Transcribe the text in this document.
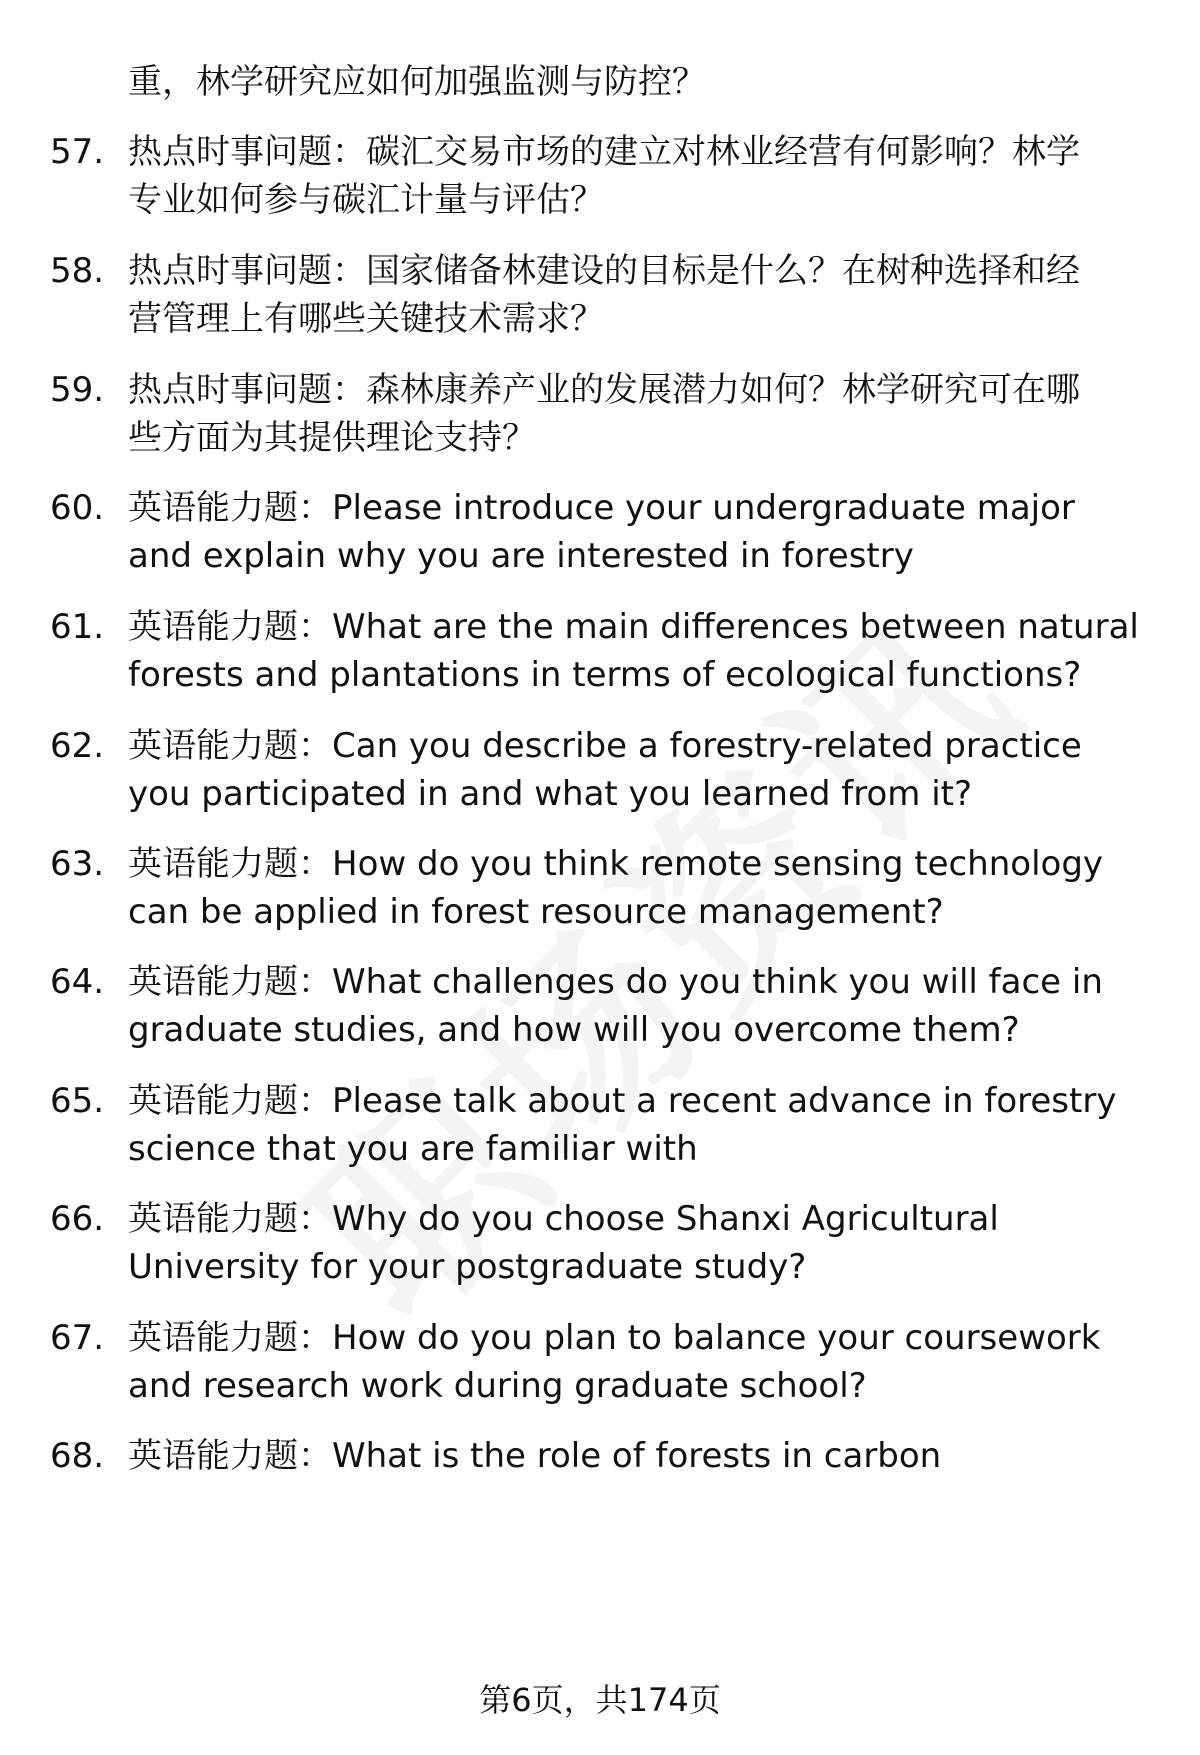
重，林学研究应如何加强监测与防控？
57. 热点时事问题：碳汇交易市场的建立对林业经营有何影响？林学
专业如何参与碳汇计量与评估？
58. 热点时事问题：国家储备林建设的目标是什么？在树种选择和经
营管理上有哪些关键技术需求？
59. 热点时事问题：森林康养产业的发展潜力如何？林学研究可在哪
些方面为其提供理论支持？
60. 英语能力题：Please introduce your undergraduate major
and explain why you are interested in forestry
61. 英语能力题：What are the main differences between natural
forests and plantations in terms of ecological functions?
62. 英语能力题：Can you describe a forestry-related practice
you participated in and what you learned from it?
63. 英语能力题：How do you think remote sensing technology
can be applied in forest resource management?
64. 英语能力题：What challenges do you think you will face in
graduate studies, and how will you overcome them?
65. 英语能力题：Please talk about a recent advance in forestry
science that you are familiar with
66. 英语能力题：Why do you choose Shanxi Agricultural
University for your postgraduate study?
67. 英语能力题：How do you plan to balance your coursework
and research work during graduate school?
68. 英语能力题：What is the role of forests in carbon
第6页，共174页
